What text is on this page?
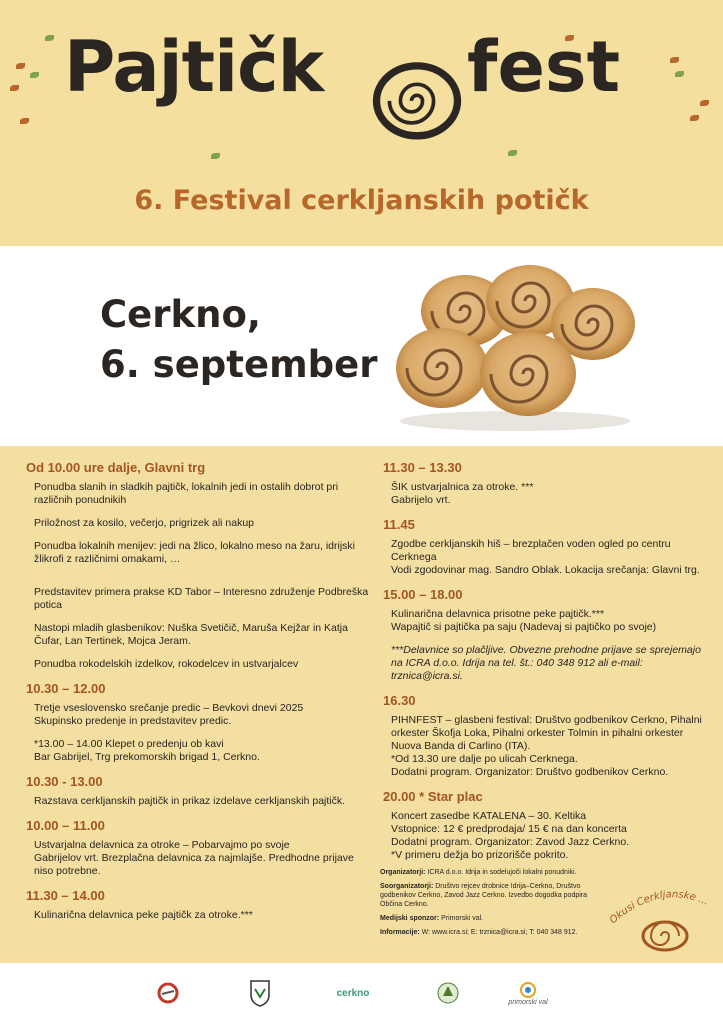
Pajtičk fest
6. Festival cerkljanskih potičk
Cerkno,
6. september
Od 10.00 ure dalje, Glavni trg
Ponudba slanih in sladkih pajtičk, lokalnih jedi in ostalih dobrot pri različnih ponudnikih
Priložnost za kosilo, večerjo, prigrizek ali nakup
Ponudba lokalnih menijev: jedi na žlico, lokalno meso na žaru, idrijski žlikrofi z različnimi omakami, …
Predstavitev primera prakse KD Tabor – Interesno združenje Podbreška potica
Nastopi mladih glasbenikov: Nuška Svetičič, Maruša Kejžar in Katja Čufar, Lan Tertinek, Mojca Jeram.
Ponudba rokodelskih izdelkov, rokodelcev in ustvarjalcev
10.30 – 12.00
Tretje vseslovensko srečanje predic – Bevkovi dnevi 2025
Skupinsko predenje in predstavitev predic.
*13.00 – 14.00 Klepet o predenju ob kavi
Bar Gabrijel, Trg prekomorskih brigad 1, Cerkno.
10.30 - 13.00
Razstava cerkljanskih pajtičk in prikaz izdelave cerkljanskih pajtičk.
10.00 – 11.00
Ustvarjalna delavnica za otroke – Pobarvajmo po svoje
Gabrijelov vrt. Brezplačna delavnica za najmlajše. Predhodne prijave niso potrebne.
11.30 – 14.00
Kulinarična delavnica peke pajtičk za otroke.***
11.30 – 13.30
ŠIK ustvarjalnica za otroke. ***
Gabrijelo vrt.
11.45
Zgodbe cerkljanskih hiš – brezplačen voden ogled po centru Cerknega
Vodi zgodovinar mag. Sandro Oblak. Lokacija srečanja: Glavni trg.
15.00 – 18.00
Kulinarična delavnica prisotne peke pajtičk.***
Wapajtič si pajtička pa saju (Nadevaj si pajtičko po svoje)
***Delavnice so plačljive. Obvezne prehodne prijave se sprejemajo na ICRA d.o.o. Idrija na tel. št.: 040 348 912 ali e-mail: trznica@icra.si.
16.30
PIHNFEST – glasbeni festival: Društvo godbenikov Cerkno, Pihalni orkester Škofja Loka, Pihalni orkester Tolmin in pihalni orkester Nuova Banda di Carlino (ITA).
*Od 13.30 ure dalje po ulicah Cerknega.
Dodatni program. Organizator: Društvo godbenikov Cerkno.
20.00 * Star plac
Koncert zasedbe KATALENA – 30. Keltika
Vstopnice: 12 € predprodaja/ 15 € na dan koncerta
Dodatni program. Organizator: Zavod Jazz Cerkno.
*V primeru dežja bo prizorišče pokrito.
Organizatorji: ICRA d.o.o. Idrija in sodelujoči lokalni ponudniki.
Soorganizatorji: Društvo rejcev drobnice Idrija–Cerkno, Društvo godbenikov Cerkno, Zavod Jazz Cerkno. Izvedbo dogodka podpira Občina Cerkno.
Medijski sponzor: Primorski val.
Informacije: W: www.icra.si; E: trznica@icra.si; T: 040 348 912.
Okusi Cerkljanske ...
cerkno
primorski val
